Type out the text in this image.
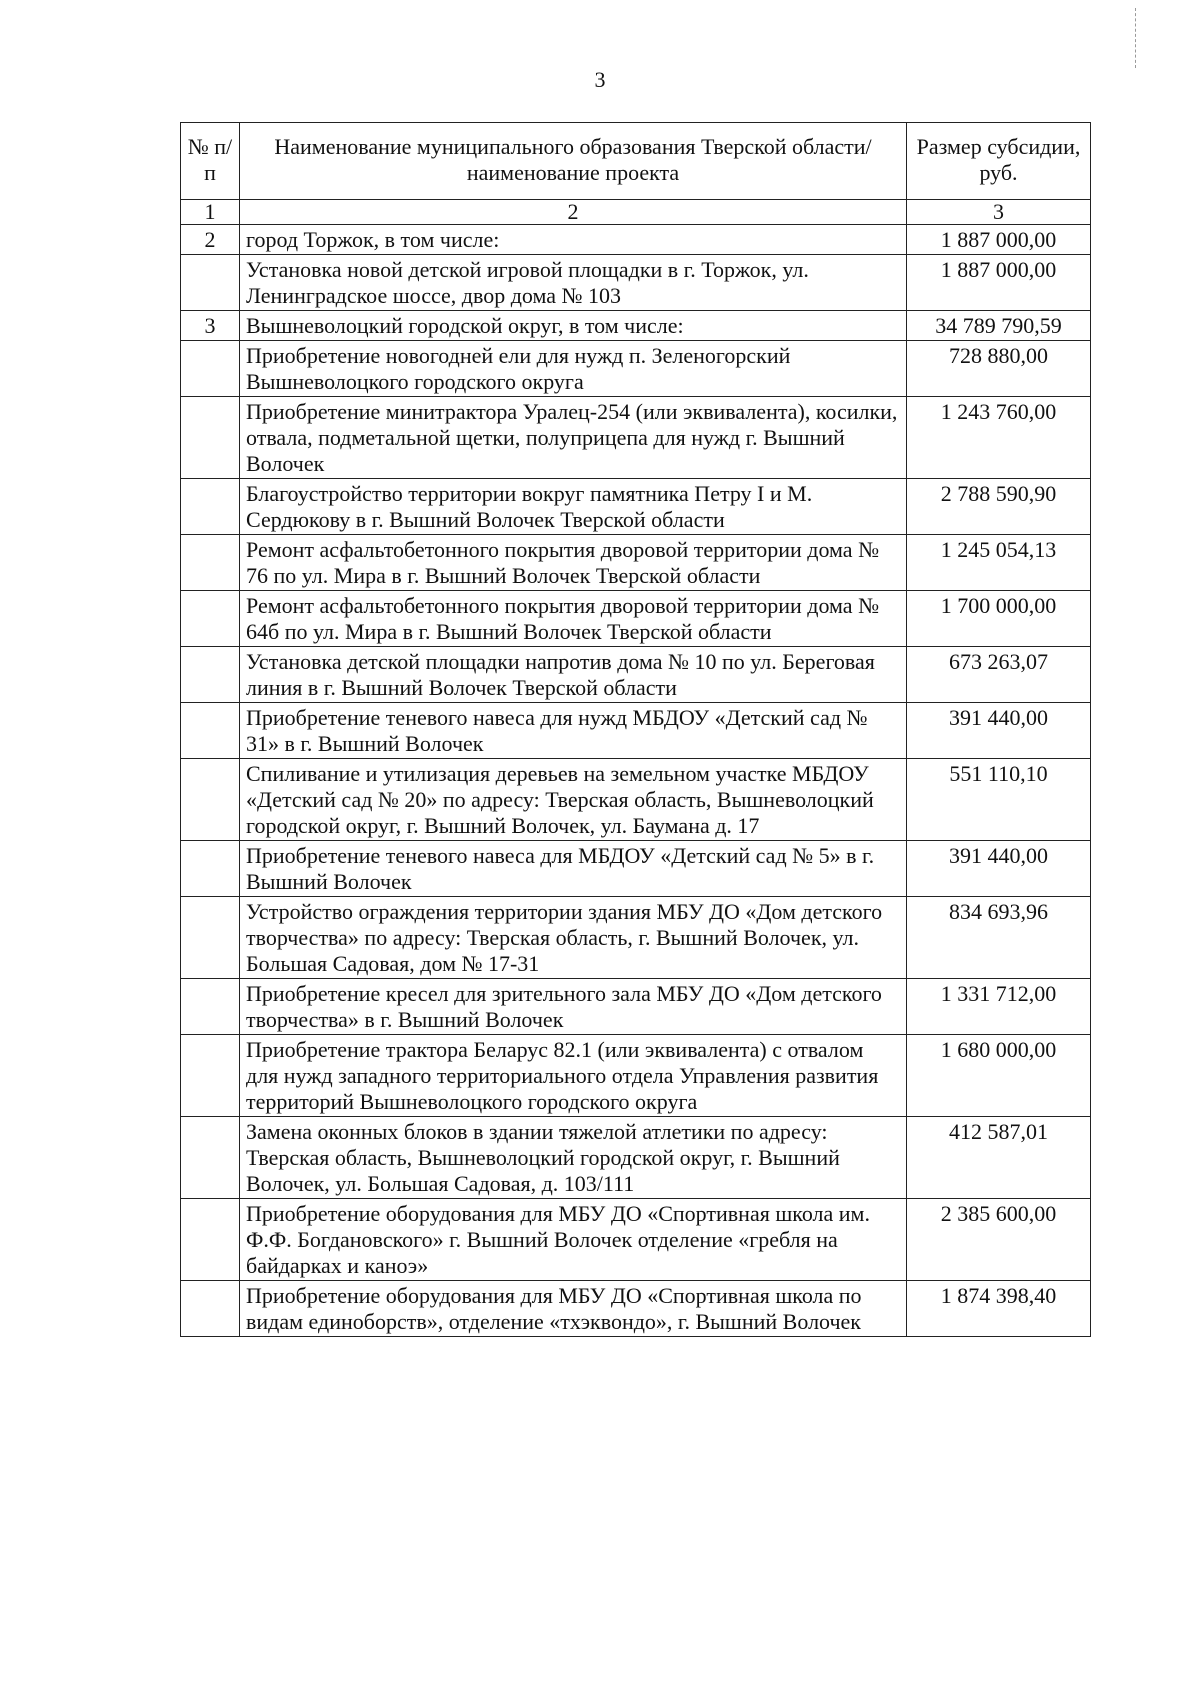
3
№ п/п	Наименование муниципального образования Тверской области/наименование проекта	Размер субсидии, руб.
1	2	3
2	город Торжок, в том числе:	1 887 000,00
	Установка новой детской игровой площадки в г. Торжок, ул. Ленинградское шоссе, двор дома № 103	1 887 000,00
3	Вышневолоцкий городской округ, в том числе:	34 789 790,59
	Приобретение новогодней ели для нужд п. Зеленогорский Вышневолоцкого городского округа	728 880,00
	Приобретение минитрактора Уралец-254 (или эквивалента), косилки, отвала, подметальной щетки, полуприцепа для нужд г. Вышний Волочек	1 243 760,00
	Благоустройство территории вокруг памятника Петру I и М. Сердюкову в г. Вышний Волочек Тверской области	2 788 590,90
	Ремонт асфальтобетонного покрытия дворовой территории дома № 76 по ул. Мира в г. Вышний Волочек Тверской области	1 245 054,13
	Ремонт асфальтобетонного покрытия дворовой территории дома № 64б по ул. Мира в г. Вышний Волочек Тверской области	1 700 000,00
	Установка детской площадки напротив дома № 10 по ул. Береговая линия в г. Вышний Волочек Тверской области	673 263,07
	Приобретение теневого навеса для нужд МБДОУ «Детский сад № 31» в г. Вышний Волочек	391 440,00
	Спиливание и утилизация деревьев на земельном участке МБДОУ «Детский сад № 20» по адресу: Тверская область, Вышневолоцкий городской округ, г. Вышний Волочек, ул. Баумана д. 17	551 110,10
	Приобретение теневого навеса для МБДОУ «Детский сад № 5» в г. Вышний Волочек	391 440,00
	Устройство ограждения территории здания МБУ ДО «Дом детского творчества» по адресу: Тверская область, г. Вышний Волочек, ул. Большая Садовая, дом № 17-31	834 693,96
	Приобретение кресел для зрительного зала МБУ ДО «Дом детского творчества» в г. Вышний Волочек	1 331 712,00
	Приобретение трактора Беларус 82.1 (или эквивалента) с отвалом для нужд западного территориального отдела Управления развития территорий Вышневолоцкого городского округа	1 680 000,00
	Замена оконных блоков в здании тяжелой атлетики по адресу: Тверская область, Вышневолоцкий городской округ, г. Вышний Волочек, ул. Большая Садовая, д. 103/111	412 587,01
	Приобретение оборудования для МБУ ДО «Спортивная школа им. Ф.Ф. Богдановского» г. Вышний Волочек отделение «гребля на байдарках и каноэ»	2 385 600,00
	Приобретение оборудования для МБУ ДО «Спортивная школа по видам единоборств», отделение «тхэквондо», г. Вышний Волочек	1 874 398,40
